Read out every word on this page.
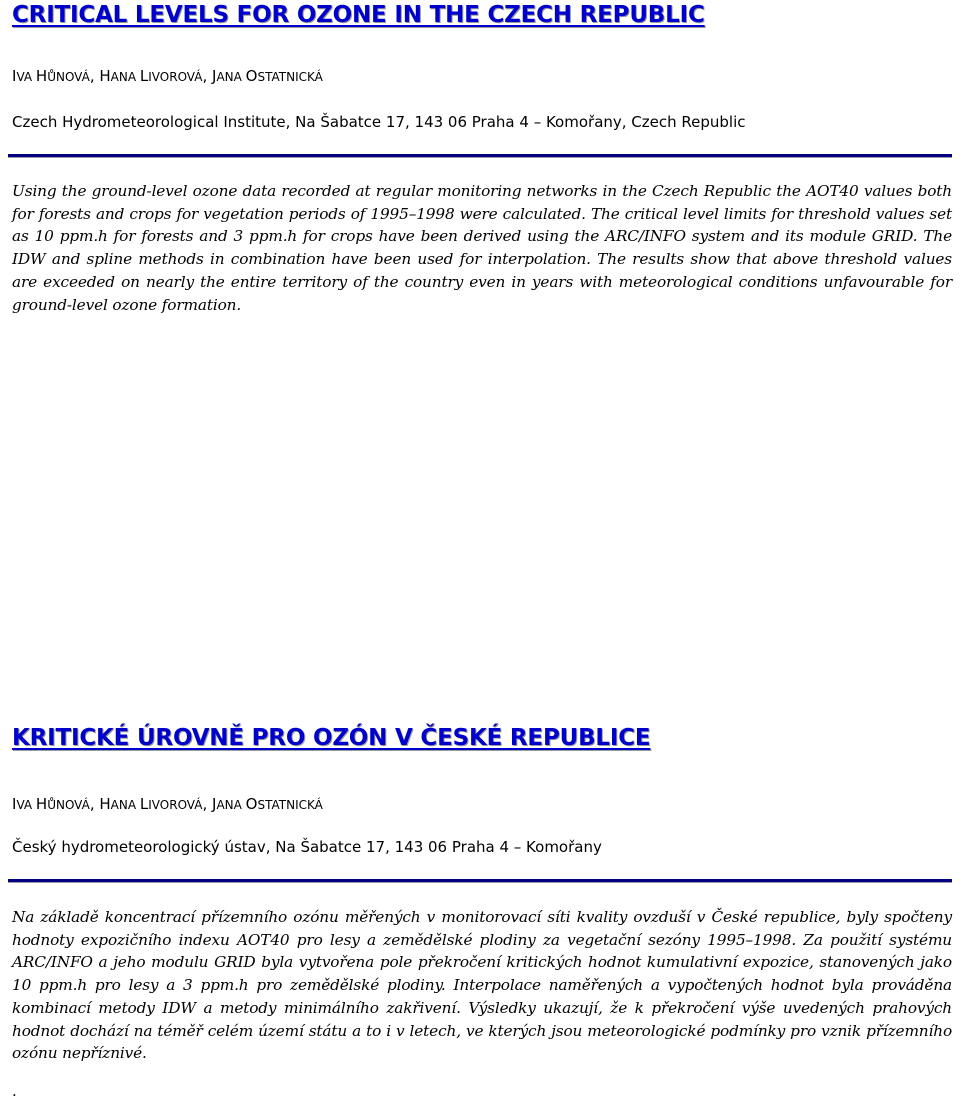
CRITICAL LEVELS FOR OZONE IN THE CZECH REPUBLIC
IVA HŮNOVÁ, HANA LIVOROVÁ, JANA OSTATNICKÁ
Czech Hydrometeorological Institute, Na Šabatce 17, 143 06 Praha 4 – Komořany, Czech Republic

Using the ground-level ozone data recorded at regular monitoring networks in the Czech Republic the AOT40 values both for forests and crops for vegetation periods of 1995–1998 were calculated. The critical level limits for threshold values set as 10 ppm.h for forests and 3 ppm.h for crops have been derived using the ARC/INFO system and its module GRID. The IDW and spline methods in combination have been used for interpolation. The results show that above threshold values are exceeded on nearly the entire territory of the country even in years with meteorological conditions unfavourable for ground-level ozone formation.

KRITICKÉ ÚROVNĚ PRO OZÓN V ČESKÉ REPUBLICE
IVA HŮNOVÁ, HANA LIVOROVÁ, JANA OSTATNICKÁ
Český hydrometeorologický ústav, Na Šabatce 17, 143 06 Praha 4 – Komořany

Na základě koncentrací přízemního ozónu měřených v monitorovací síti kvality ovzduší v České republice, byly spočteny hodnoty expozičního indexu AOT40 pro lesy a zemědělské plodiny za vegetační sezóny 1995–1998. Za použití systému ARC/INFO a jeho modulu GRID byla vytvořena pole překročení kritických hodnot kumulativní expozice, stanovených jako 10 ppm.h pro lesy a 3 ppm.h pro zemědělské plodiny. Interpolace naměřených a vypočtených hodnot byla prováděna kombinací metody IDW a metody minimálního zakřivení. Výsledky ukazují, že k překročení výše uvedených prahových hodnot dochází na téměř celém území státu a to i v letech, ve kterých jsou meteorologické podmínky pro vznik přízemního ozónu nepříznivé.

.
